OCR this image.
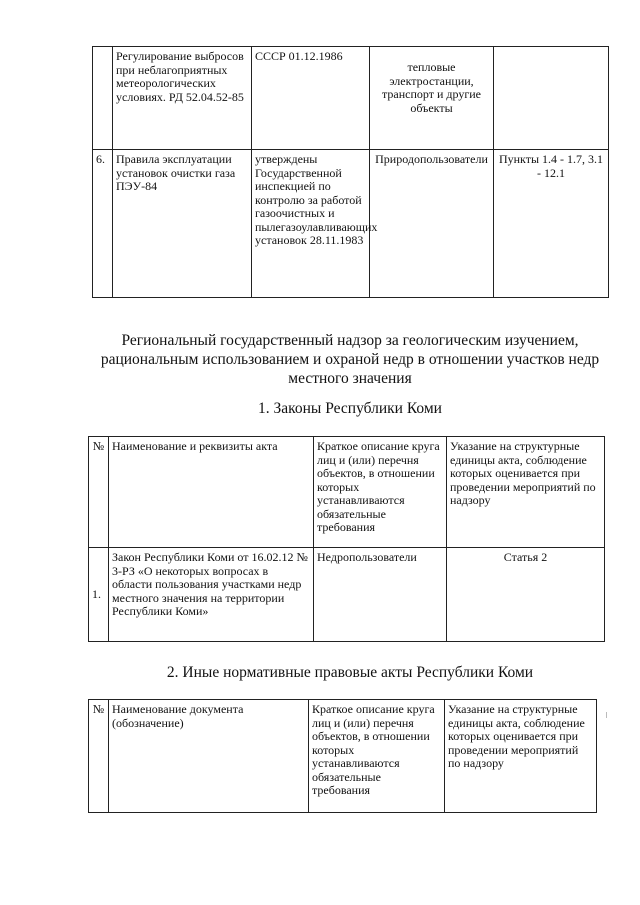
	Регулирование выбросов при неблагоприятных метеорологических условиях. РД 52.04.52-85	СССР 01.12.1986	тепловые электростанции, транспорт и другие объекты	
6.	Правила эксплуатации установок очистки газа ПЭУ-84	утверждены Государственной инспекцией по контролю за работой газоочистных и пылегазоулавливающих установок 28.11.1983	Природопользователи	Пункты 1.4 - 1.7, 3.1 - 12.1
Региональный государственный надзор за геологическим изучением, рациональным использованием и охраной недр в отношении участков недр местного значения
1. Законы Республики Коми
№	Наименование и реквизиты акта	Краткое описание круга лиц и (или) перечня объектов, в отношении которых устанавливаются обязательные требования	Указание на структурные единицы акта, соблюдение которых оценивается при проведении мероприятий по надзору
1.	Закон Республики Коми от 16.02.12 № 3-РЗ «О некоторых вопросах в области пользования участками недр местного значения на территории Республики Коми»	Недропользователи	Статья 2
2. Иные нормативные правовые акты Республики Коми
№	Наименование документа (обозначение)	Краткое описание круга лиц и (или) перечня объектов, в отношении которых устанавливаются обязательные требования	Указание на структурные единицы акта, соблюдение которых оценивается при проведении мероприятий по надзору
